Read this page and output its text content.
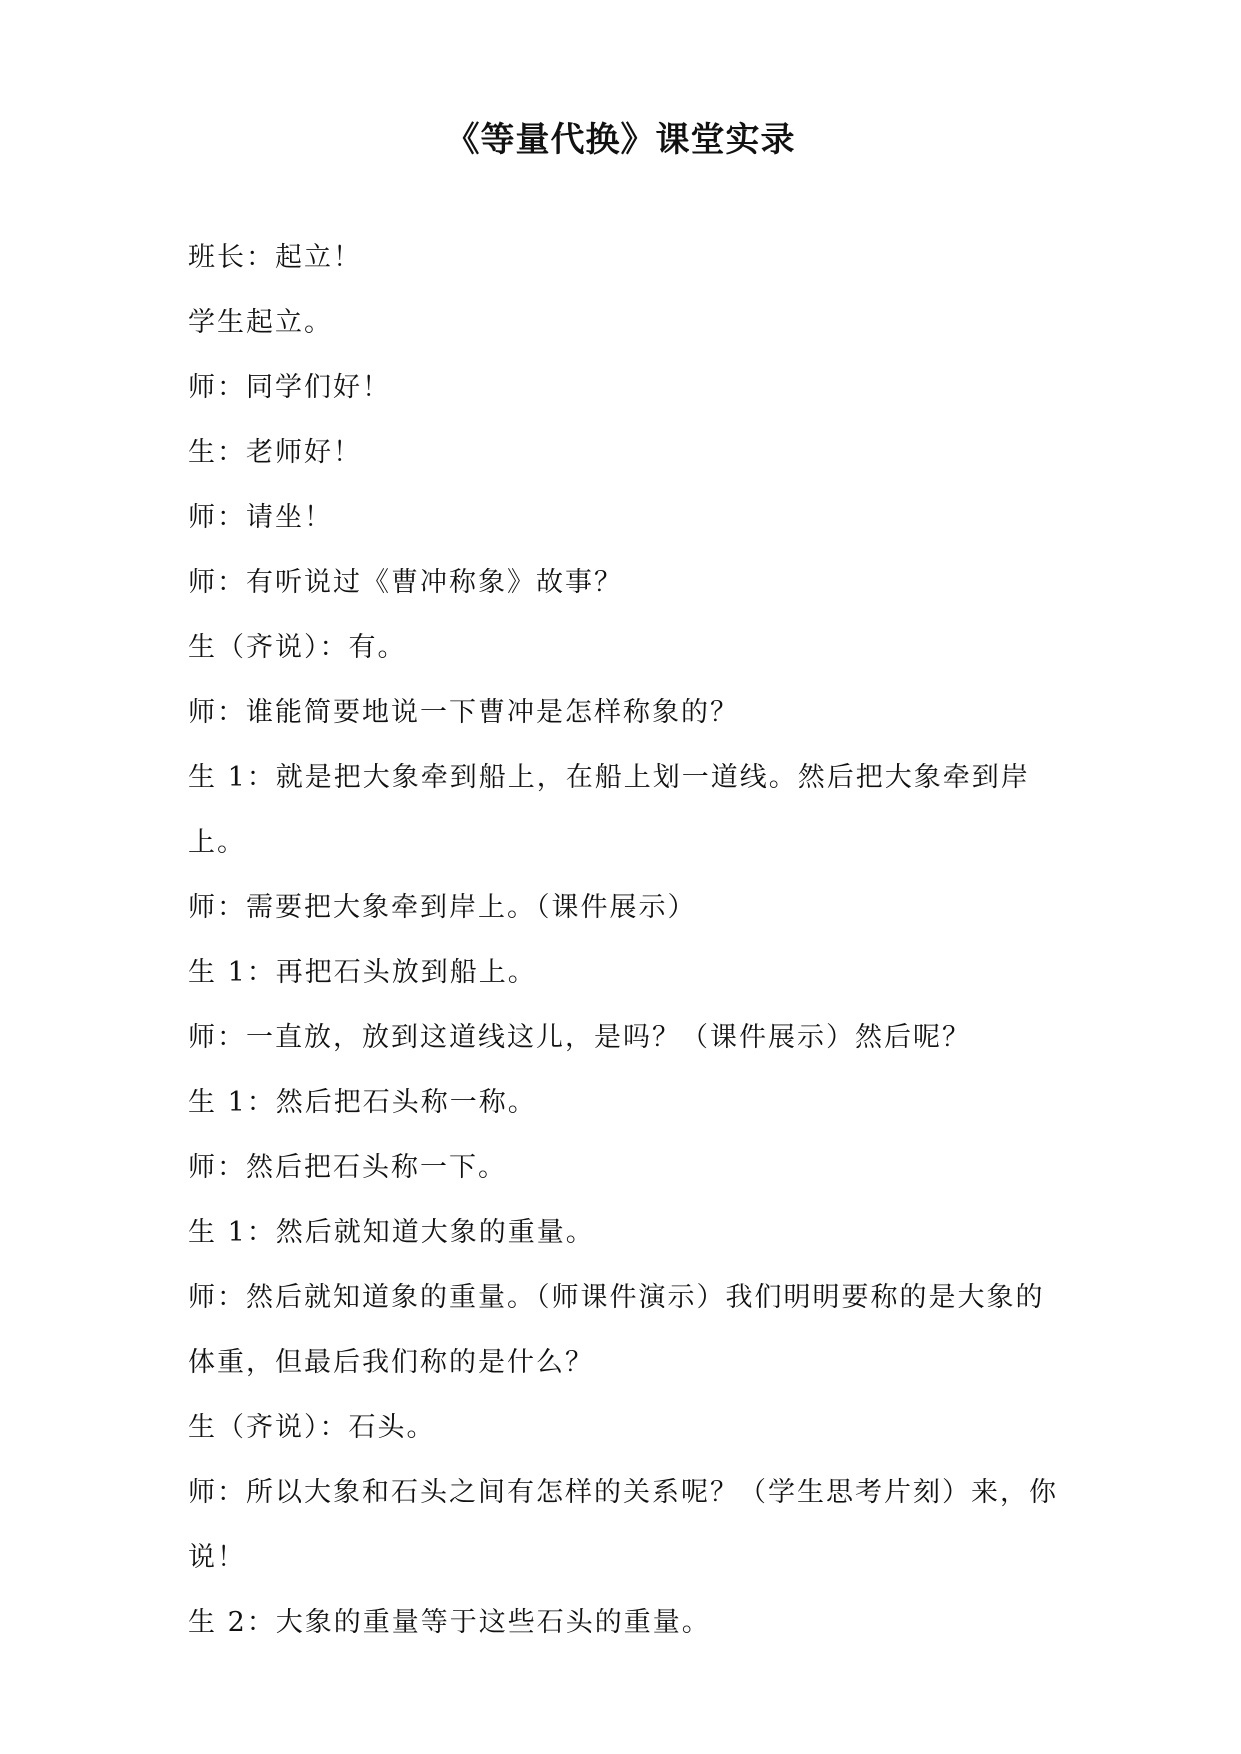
《等量代换》课堂实录

班长：起立！

学生起立。

师：同学们好！

生：老师好！

师：请坐！

师：有听说过《曹冲称象》故事？

生（齐说）：有。

师：谁能简要地说一下曹冲是怎样称象的？

生 1：就是把大象牵到船上，在船上划一道线。然后把大象牵到岸上。

师：需要把大象牵到岸上。（课件展示）

生 1：再把石头放到船上。

师：一直放，放到这道线这儿，是吗？（课件展示）然后呢？

生 1：然后把石头称一称。

师：然后把石头称一下。

生 1：然后就知道大象的重量。

师：然后就知道象的重量。（师课件演示）我们明明要称的是大象的体重，但最后我们称的是什么？

生（齐说）：石头。

师：所以大象和石头之间有怎样的关系呢？（学生思考片刻）来，你说！

生 2：大象的重量等于这些石头的重量。
